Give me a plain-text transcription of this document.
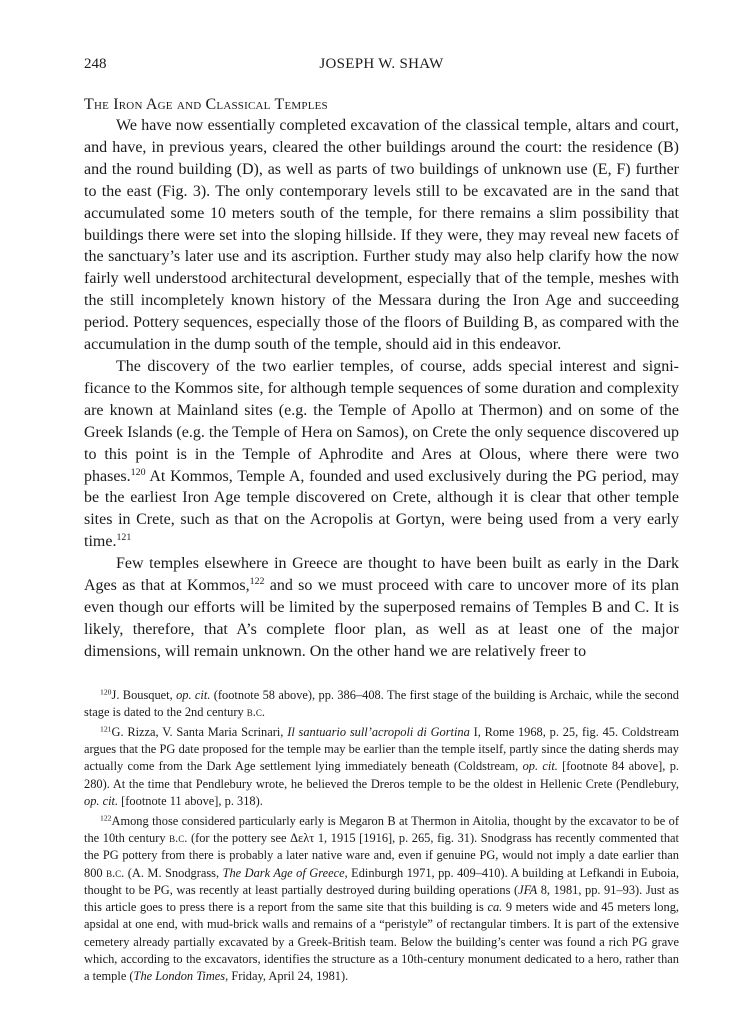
248	JOSEPH W. SHAW
The Iron Age and Classical Temples

We have now essentially completed excavation of the classical temple, altars and court, and have, in previous years, cleared the other buildings around the court: the residence (B) and the round building (D), as well as parts of two buildings of unknown use (E, F) further to the east (Fig. 3). The only contemporary levels still to be excavated are in the sand that accumulated some 10 meters south of the temple, for there remains a slim possibility that buildings there were set into the sloping hillside. If they were, they may reveal new facets of the sanctuary’s later use and its ascription. Further study may also help clarify how the now fairly well understood architectural development, especially that of the temple, meshes with the still incompletely known history of the Messara during the Iron Age and succeeding period. Pottery sequences, especially those of the floors of Building B, as compared with the accumulation in the dump south of the temple, should aid in this endeavor.

The discovery of the two earlier temples, of course, adds special interest and significance to the Kommos site, for although temple sequences of some duration and complexity are known at Mainland sites (e.g. the Temple of Apollo at Thermon) and on some of the Greek Islands (e.g. the Temple of Hera on Samos), on Crete the only sequence discovered up to this point is in the Temple of Aphrodite and Ares at Olous, where there were two phases.$^{120}$ At Kommos, Temple A, founded and used exclusively during the PG period, may be the earliest Iron Age temple discovered on Crete, although it is clear that other temple sites in Crete, such as that on the Acropolis at Gortyn, were being used from a very early time.$^{121}$

Few temples elsewhere in Greece are thought to have been built as early in the Dark Ages as that at Kommos,$^{122}$ and so we must proceed with care to uncover more of its plan even though our efforts will be limited by the superposed remains of Temples B and C. It is likely, therefore, that A’s complete floor plan, as well as at least one of the major dimensions, will remain unknown. On the other hand we are relatively freer to

$^{120}$J. Bousquet, op. cit. (footnote 58 above), pp. 386–408. The first stage of the building is Archaic, while the second stage is dated to the 2nd century b.c.

$^{121}$G. Rizza, V. Santa Maria Scrinari, Il santuario sull’acropoli di Gortina I, Rome 1968, p. 25, fig. 45. Coldstream argues that the PG date proposed for the temple may be earlier than the temple itself, partly since the dating sherds may actually come from the Dark Age settlement lying immediately beneath (Coldstream, op. cit. [footnote 84 above], p. 280). At the time that Pendlebury wrote, he believed the Dreros temple to be the oldest in Hellenic Crete (Pendlebury, op. cit. [footnote 11 above], p. 318).

$^{122}$Among those considered particularly early is Megaron B at Thermon in Aitolia, thought by the excavator to be of the 10th century b.c. (for the pottery see Δελτ 1, 1915 [1916], p. 265, fig. 31). Snodgrass has recently commented that the PG pottery from there is probably a later native ware and, even if genuine PG, would not imply a date earlier than 800 b.c. (A. M. Snodgrass, The Dark Age of Greece, Edinburgh 1971, pp. 409–410). A building at Lefkandi in Euboia, thought to be PG, was recently at least partially destroyed during building operations (JFA 8, 1981, pp. 91–93). Just as this article goes to press there is a report from the same site that this building is ca. 9 meters wide and 45 meters long, apsidal at one end, with mud-brick walls and remains of a “peristyle” of rectangular timbers. It is part of the extensive cemetery already partially excavated by a Greek-British team. Below the building’s center was found a rich PG grave which, according to the excavators, identifies the structure as a 10th-century monument dedicated to a hero, rather than a temple (The London Times, Friday, April 24, 1981).
